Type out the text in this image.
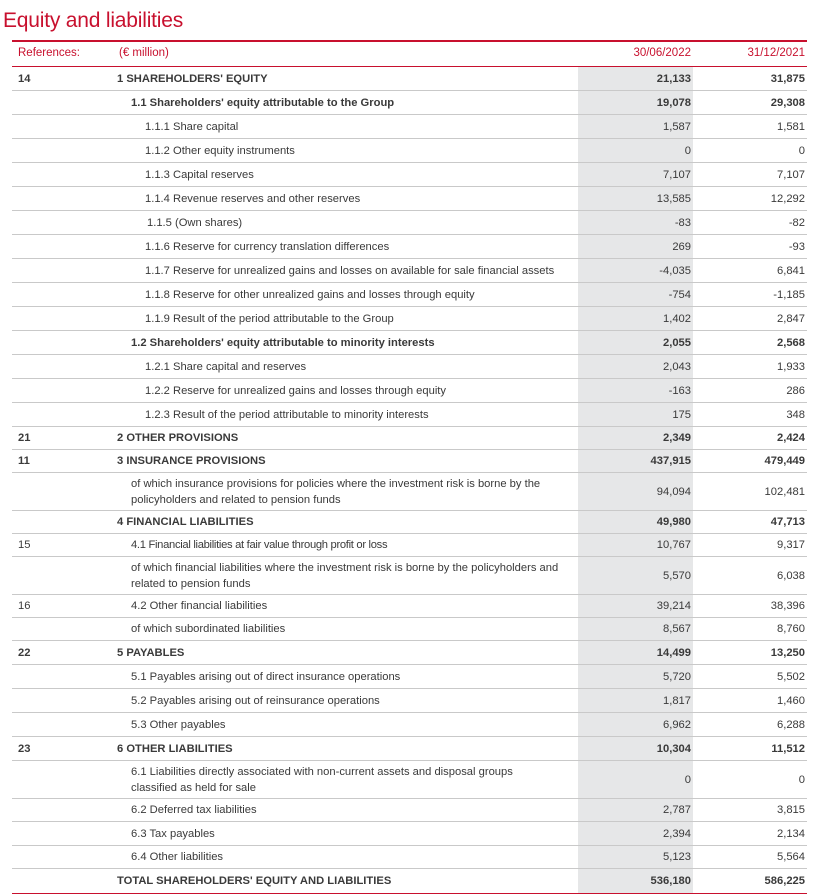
Equity and liabilities
References:	(€ million)	30/06/2022	31/12/2021
14	1 SHAREHOLDERS' EQUITY	21,133	31,875
1.1 Shareholders' equity attributable to the Group	19,078	29,308
1.1.1 Share capital	1,587	1,581
1.1.2 Other equity instruments	0	0
1.1.3 Capital reserves	7,107	7,107
1.1.4 Revenue reserves and other reserves	13,585	12,292
1.1.5 (Own shares)	-83	-82
1.1.6 Reserve for currency translation differences	269	-93
1.1.7 Reserve for unrealized gains and losses on available for sale financial assets	-4,035	6,841
1.1.8 Reserve for other unrealized gains and losses through equity	-754	-1,185
1.1.9 Result of the period attributable to the Group	1,402	2,847
1.2 Shareholders' equity attributable to minority interests	2,055	2,568
1.2.1 Share capital and reserves	2,043	1,933
1.2.2 Reserve for unrealized gains and losses through equity	-163	286
1.2.3 Result of the period attributable to minority interests	175	348
21	2 OTHER PROVISIONS	2,349	2,424
11	3 INSURANCE PROVISIONS	437,915	479,449
of which insurance provisions for policies where the investment risk is borne by the policyholders and related to pension funds
94,094	102,481
4 FINANCIAL LIABILITIES	49,980	47,713
15	4.1 Financial liabilities at fair value through profit or loss	10,767	9,317
of which financial liabilities where the investment risk is borne by the policyholders and related to pension funds
5,570	6,038
16	4.2 Other financial liabilities	39,214	38,396
of which subordinated liabilities	8,567	8,760
22	5 PAYABLES	14,499	13,250
5.1 Payables arising out of direct insurance operations	5,720	5,502
5.2 Payables arising out of reinsurance operations	1,817	1,460
5.3 Other payables	6,962	6,288
23	6 OTHER LIABILITIES	10,304	11,512
6.1 Liabilities directly associated with non-current assets and disposal groups classified as held for sale
0	0
6.2 Deferred tax liabilities	2,787	3,815
6.3 Tax payables	2,394	2,134
6.4 Other liabilities	5,123	5,564
TOTAL SHAREHOLDERS' EQUITY AND LIABILITIES	536,180	586,225
